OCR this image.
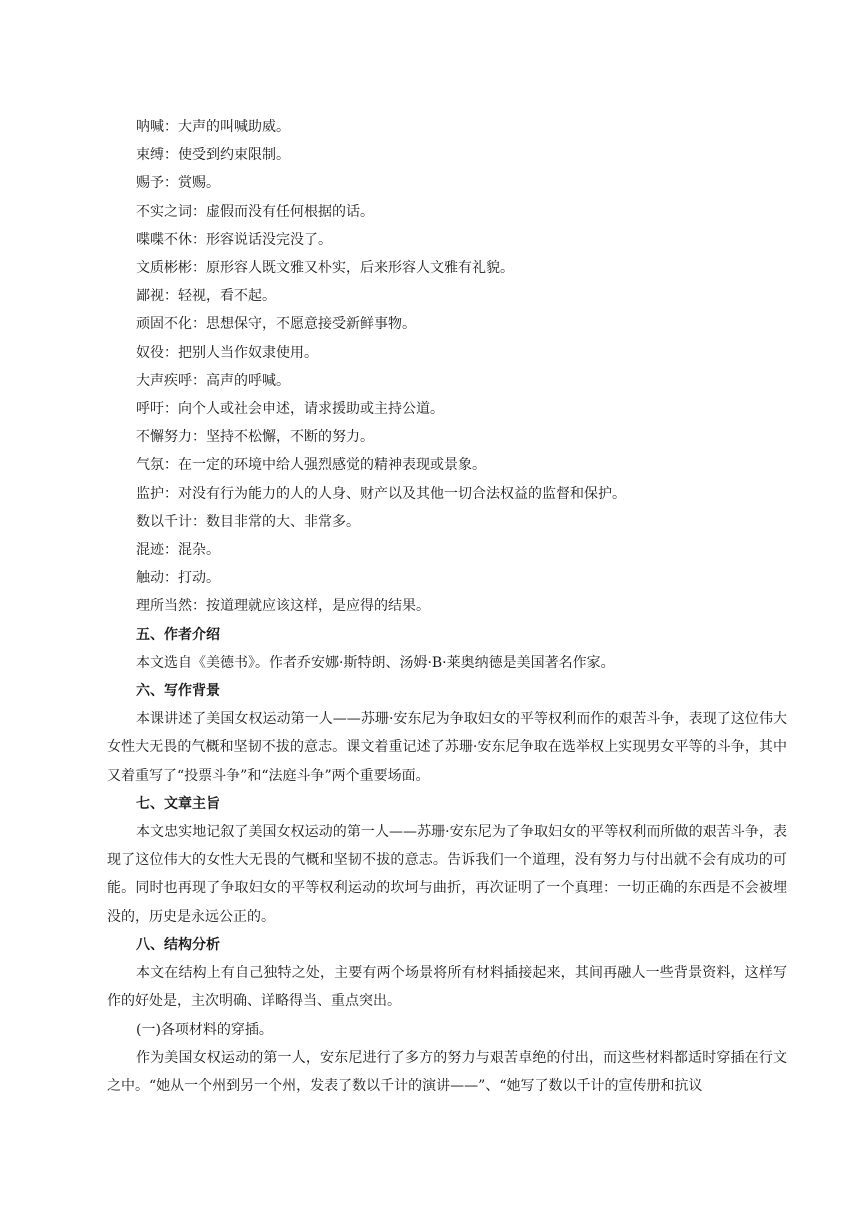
呐喊：大声的叫喊助威。

束缚：使受到约束限制。

赐予：赏赐。

不实之词：虚假而没有任何根据的话。

喋喋不休：形容说话没完没了。

文质彬彬：原形容人既文雅又朴实，后来形容人文雅有礼貌。

鄙视：轻视，看不起。

顽固不化：思想保守，不愿意接受新鲜事物。

奴役：把别人当作奴隶使用。

大声疾呼：高声的呼喊。

呼吁：向个人或社会申述，请求援助或主持公道。

不懈努力：坚持不松懈，不断的努力。

气氛：在一定的环境中给人强烈感觉的精神表现或景象。

监护：对没有行为能力的人的人身、财产以及其他一切合法权益的监督和保护。

数以千计：数目非常的大、非常多。

混迹：混杂。

触动：打动。

理所当然：按道理就应该这样，是应得的结果。

五、作者介绍

本文选自《美德书》。作者乔安娜·斯特朗、汤姆·B·莱奥纳德是美国著名作家。

六、写作背景

本课讲述了美国女权运动第一人——苏珊·安东尼为争取妇女的平等权利而作的艰苦斗争，表现了这位伟大女性大无畏的气概和坚韧不拔的意志。课文着重记述了苏珊·安东尼争取在选举权上实现男女平等的斗争，其中又着重写了“投票斗争”和“法庭斗争”两个重要场面。

七、文章主旨

本文忠实地记叙了美国女权运动的第一人——苏珊·安东尼为了争取妇女的平等权利而所做的艰苦斗争，表现了这位伟大的女性大无畏的气概和坚韧不拔的意志。告诉我们一个道理，没有努力与付出就不会有成功的可能。同时也再现了争取妇女的平等权利运动的坎坷与曲折，再次证明了一个真理：一切正确的东西是不会被埋没的，历史是永远公正的。

八、结构分析

本文在结构上有自己独特之处，主要有两个场景将所有材料插接起来，其间再融人一些背景资料，这样写作的好处是，主次明确、详略得当、重点突出。

(一)各项材料的穿插。

作为美国女权运动的第一人，安东尼进行了多方的努力与艰苦卓绝的付出，而这些材料都适时穿插在行文之中。“她从一个州到另一个州，发表了数以千计的演讲——”、“她写了数以千计的宣传册和抗议
